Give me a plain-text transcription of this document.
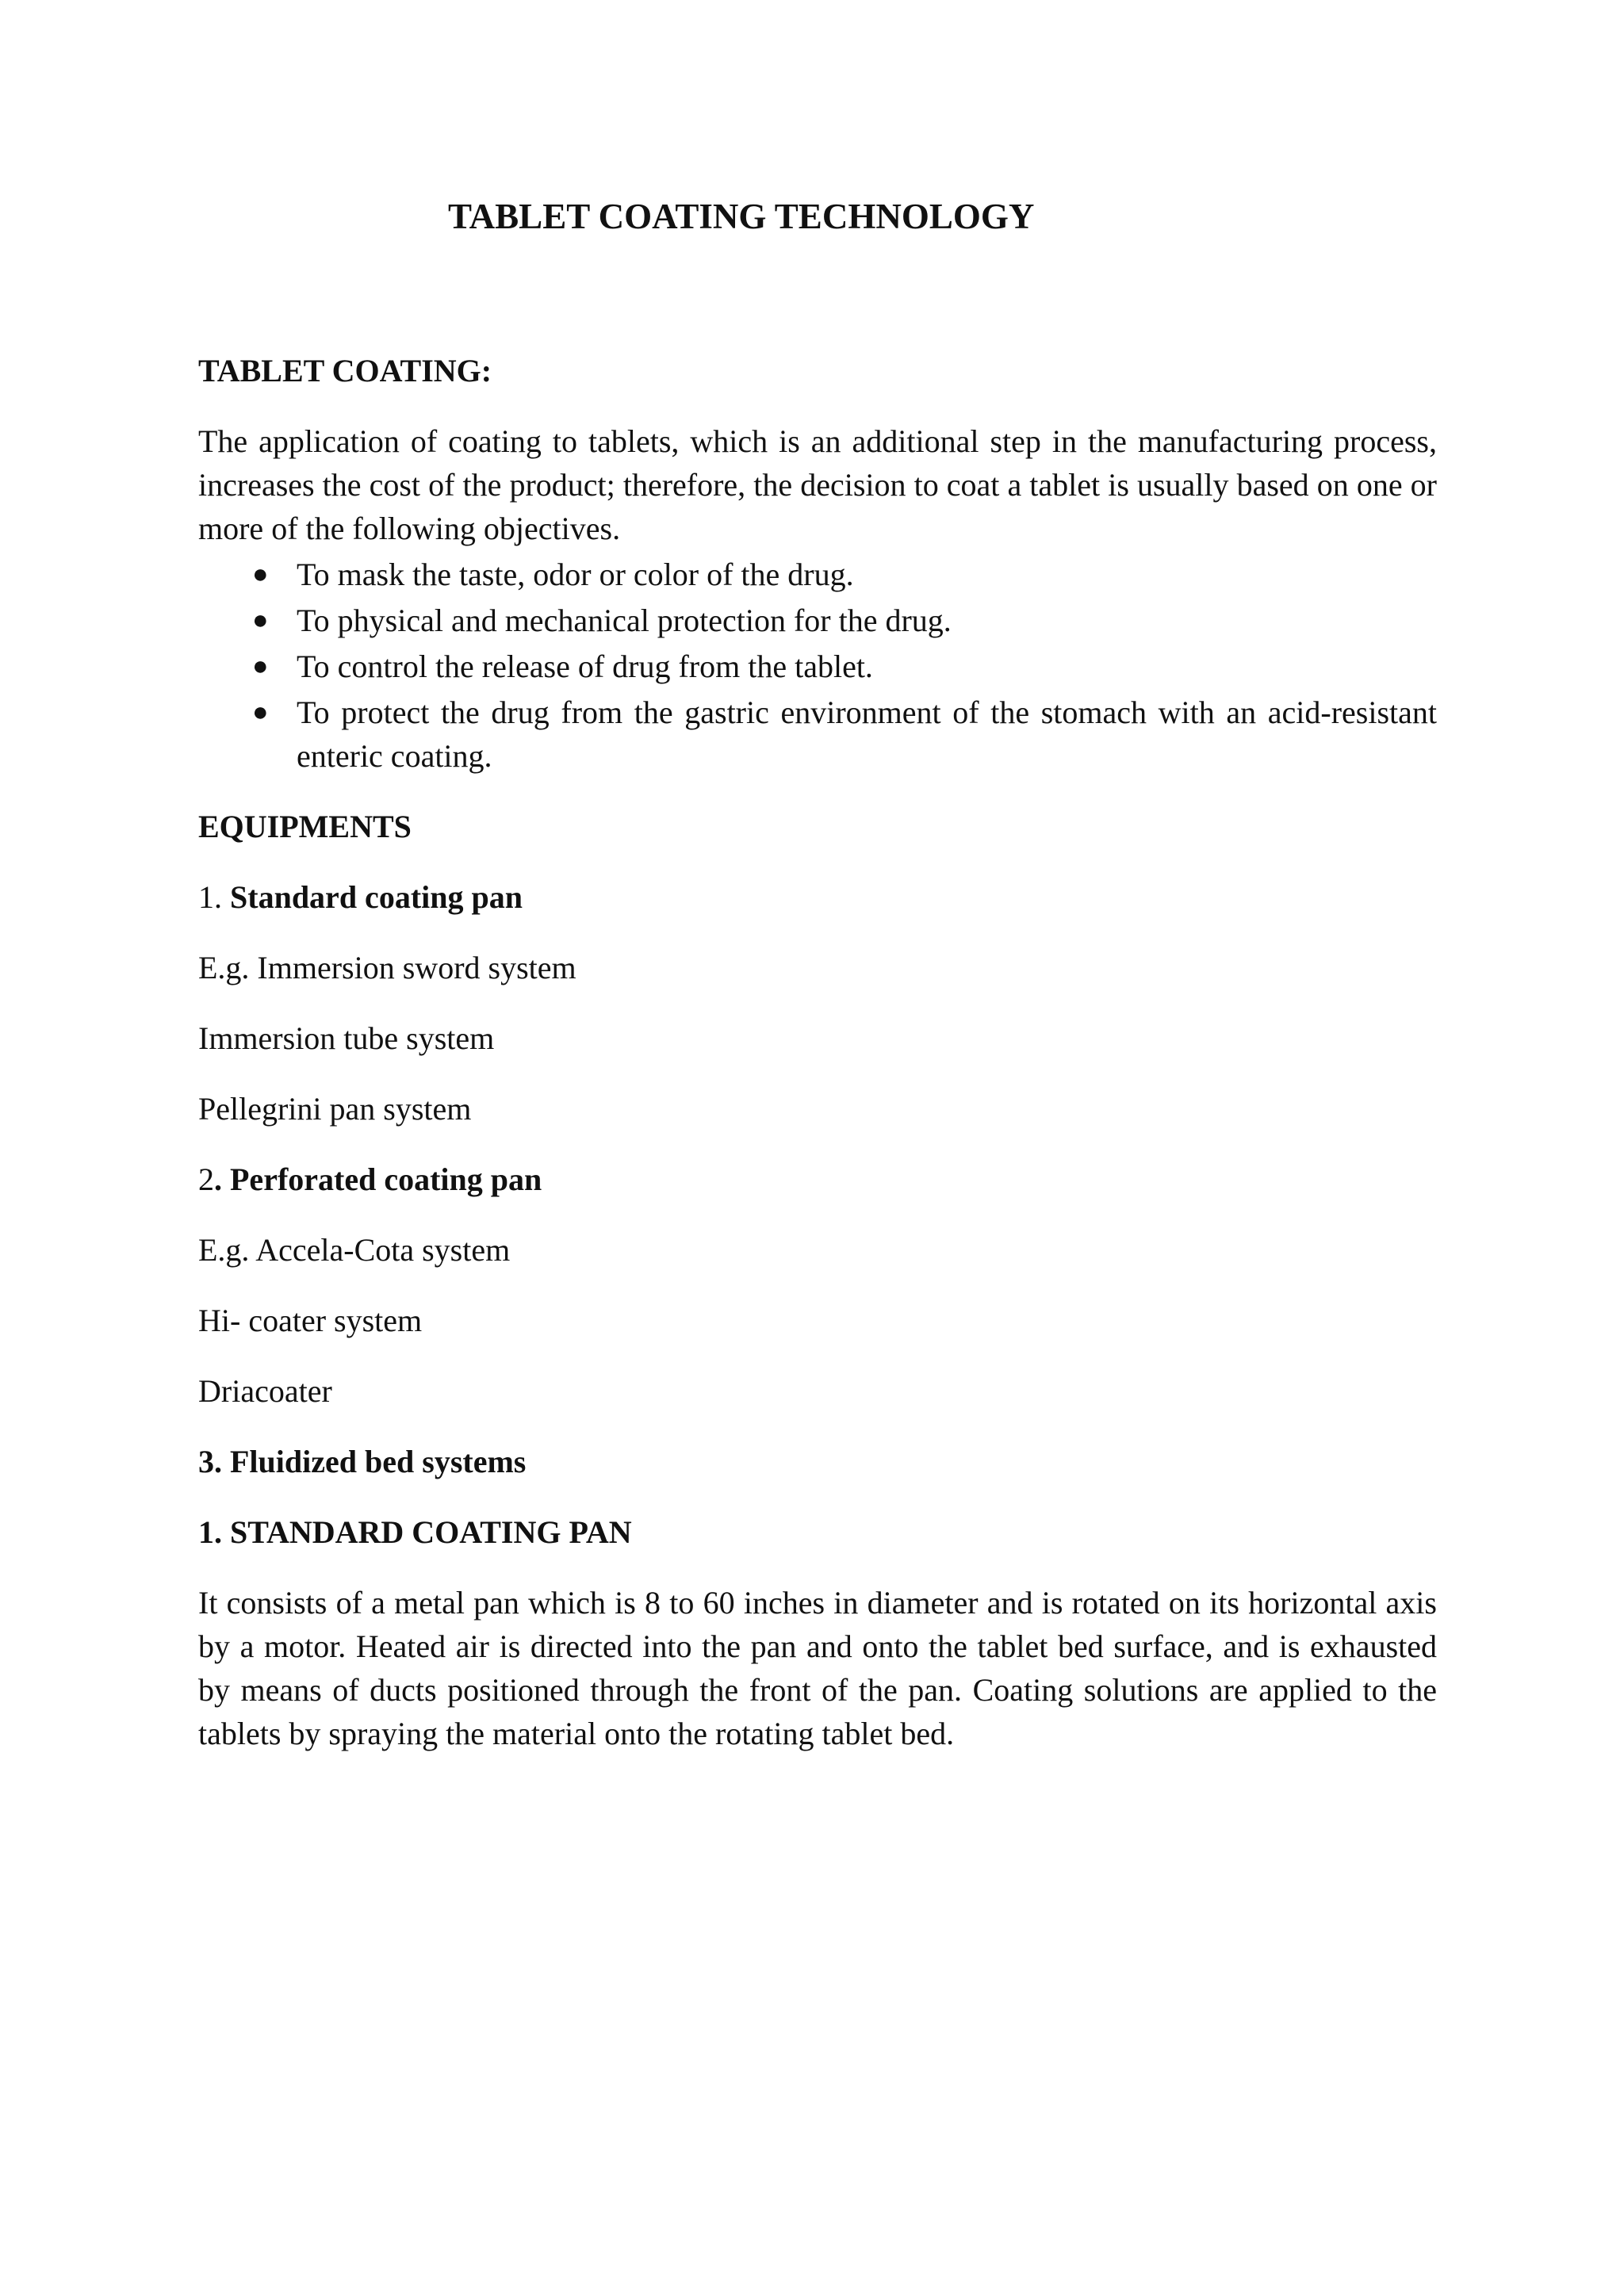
TABLET COATING TECHNOLOGY

TABLET COATING:

The application of coating to tablets, which is an additional step in the manufacturing process, increases the cost of the product; therefore, the decision to coat a tablet is usually based on one or more of the following objectives.

● To mask the taste, odor or color of the drug.
● To physical and mechanical protection for the drug.
● To control the release of drug from the tablet.
● To protect the drug from the gastric environment of the stomach with an acid-resistant enteric coating.

EQUIPMENTS

1. Standard coating pan

E.g. Immersion sword system

Immersion tube system

Pellegrini pan system

2. Perforated coating pan

E.g. Accela-Cota system

Hi- coater system

Driacoater

3. Fluidized bed systems

1. STANDARD COATING PAN

It consists of a metal pan which is 8 to 60 inches in diameter and is rotated on its horizontal axis by a motor. Heated air is directed into the pan and onto the tablet bed surface, and is exhausted by means of ducts positioned through the front of the pan. Coating solutions are applied to the tablets by spraying the material onto the rotating tablet bed.
